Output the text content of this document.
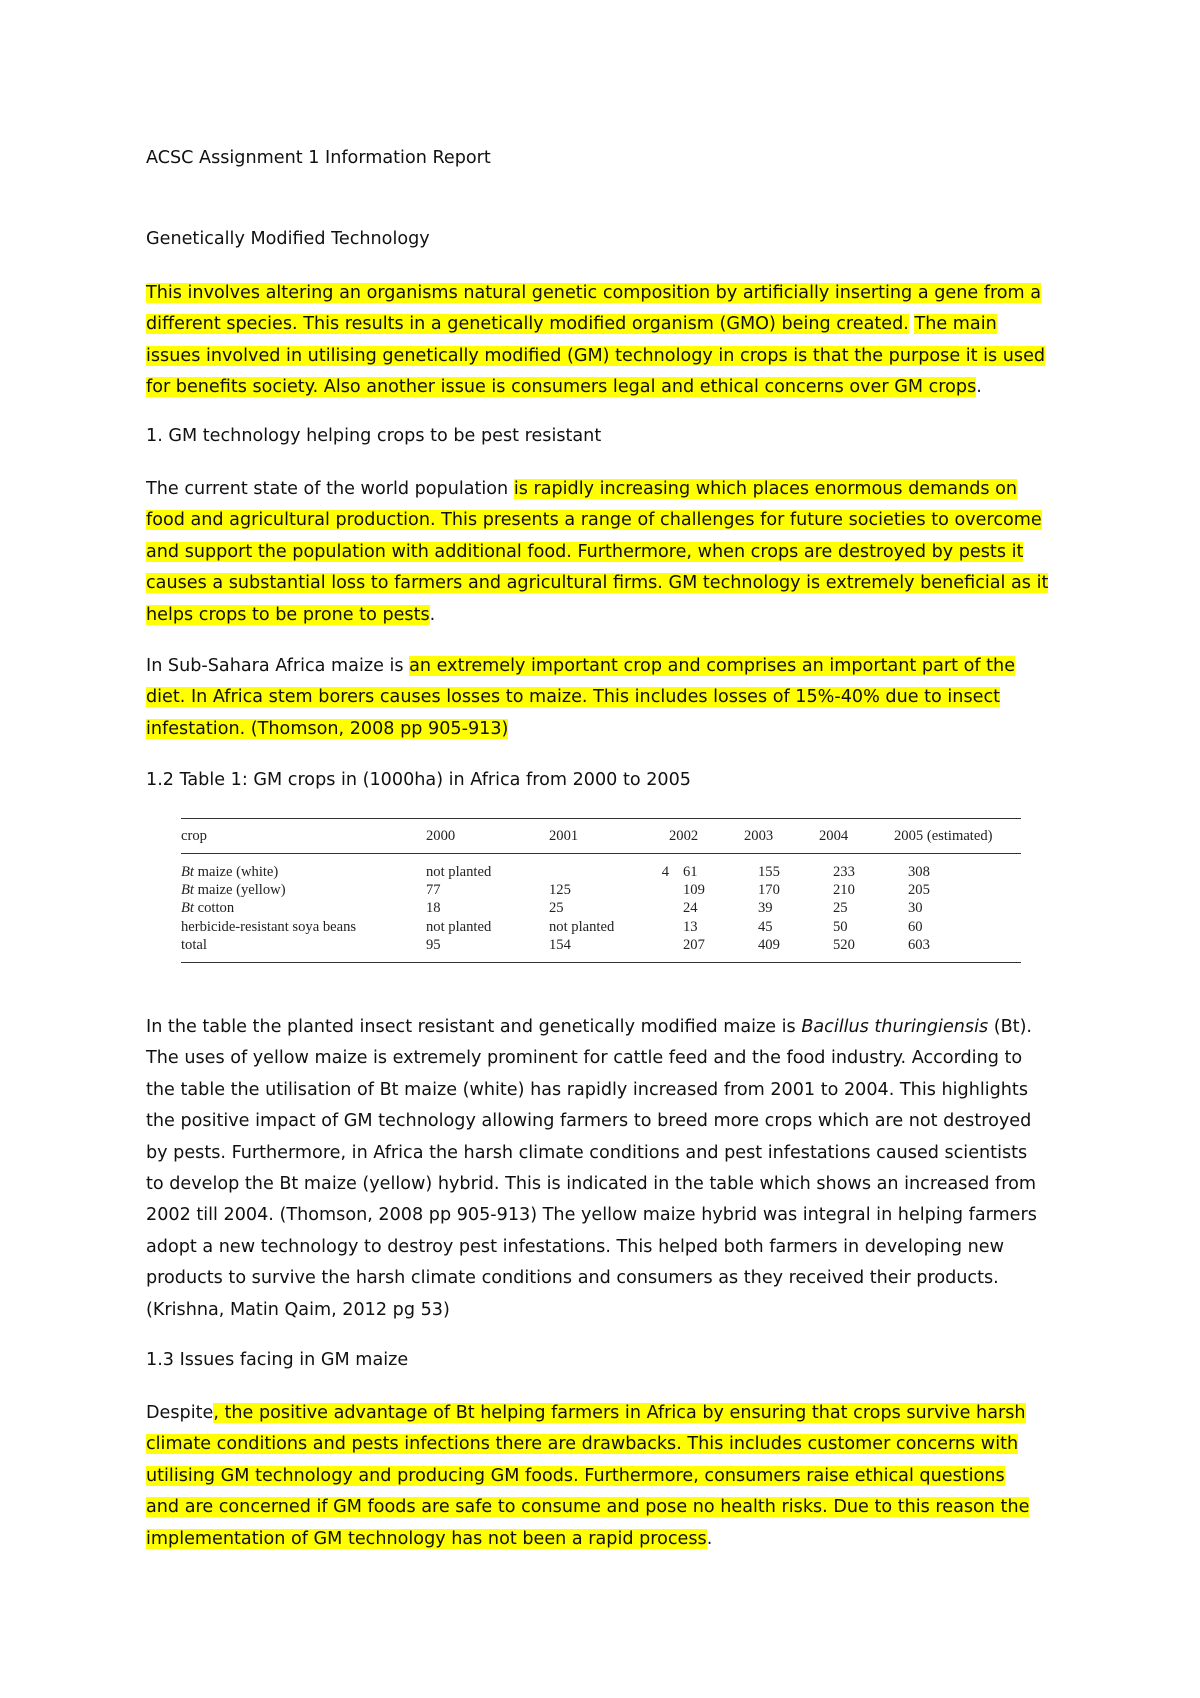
ACSC Assignment 1 Information Report

Genetically Modified Technology

This involves altering an organisms natural genetic composition by artificially inserting a gene from a

different species. This results in a genetically modified organism (GMO) being created. The main

issues involved in utilising genetically modified (GM) technology in crops is that the purpose it is used

for benefits society. Also another issue is consumers legal and ethical concerns over GM crops.

1. GM technology helping crops to be pest resistant

The current state of the world population is rapidly increasing which places enormous demands on

food and agricultural production. This presents a range of challenges for future societies to overcome

and support the population with additional food. Furthermore, when crops are destroyed by pests it

causes a substantial loss to farmers and agricultural firms. GM technology is extremely beneficial as it

helps crops to be prone to pests.

In Sub-Sahara Africa maize is an extremely important crop and comprises an important part of the

diet. In Africa stem borers causes losses to maize. This includes losses of 15%-40% due to insect

infestation. (Thomson, 2008 pp 905-913)

1.2 Table 1: GM crops in (1000ha) in Africa from 2000 to 2005

In the table the planted insect resistant and genetically modified maize is Bacillus thuringiensis (Bt).

The uses of yellow maize is extremely prominent for cattle feed and the food industry. According to

the table the utilisation of Bt maize (white) has rapidly increased from 2001 to 2004. This highlights

the positive impact of GM technology allowing farmers to breed more crops which are not destroyed

by pests. Furthermore, in Africa the harsh climate conditions and pest infestations caused scientists

to develop the Bt maize (yellow) hybrid. This is indicated in the table which shows an increased from

2002 till 2004. (Thomson, 2008 pp 905-913) The yellow maize hybrid was integral in helping farmers

adopt a new technology to destroy pest infestations. This helped both farmers in developing new

products to survive the harsh climate conditions and consumers as they received their products.

(Krishna, Matin Qaim, 2012 pg 53)

1.3 Issues facing in GM maize

Despite, the positive advantage of Bt helping farmers in Africa by ensuring that crops survive harsh

climate conditions and pests infections there are drawbacks. This includes customer concerns with

utilising GM technology and producing GM foods. Furthermore, consumers raise ethical questions

and are concerned if GM foods are safe to consume and pose no health risks. Due to this reason the

implementation of GM technology has not been a rapid process.

crop	2000	2001	2002	2003	2004	2005 (estimated)
Bt maize (white)	not planted	4	61	155	233	308
Bt maize (yellow)	77	125	109	170	210	205
Bt cotton	18	25	24	39	25	30
herbicide-resistant soya beans	not planted	not planted	13	45	50	60
total	95	154	207	409	520	603
